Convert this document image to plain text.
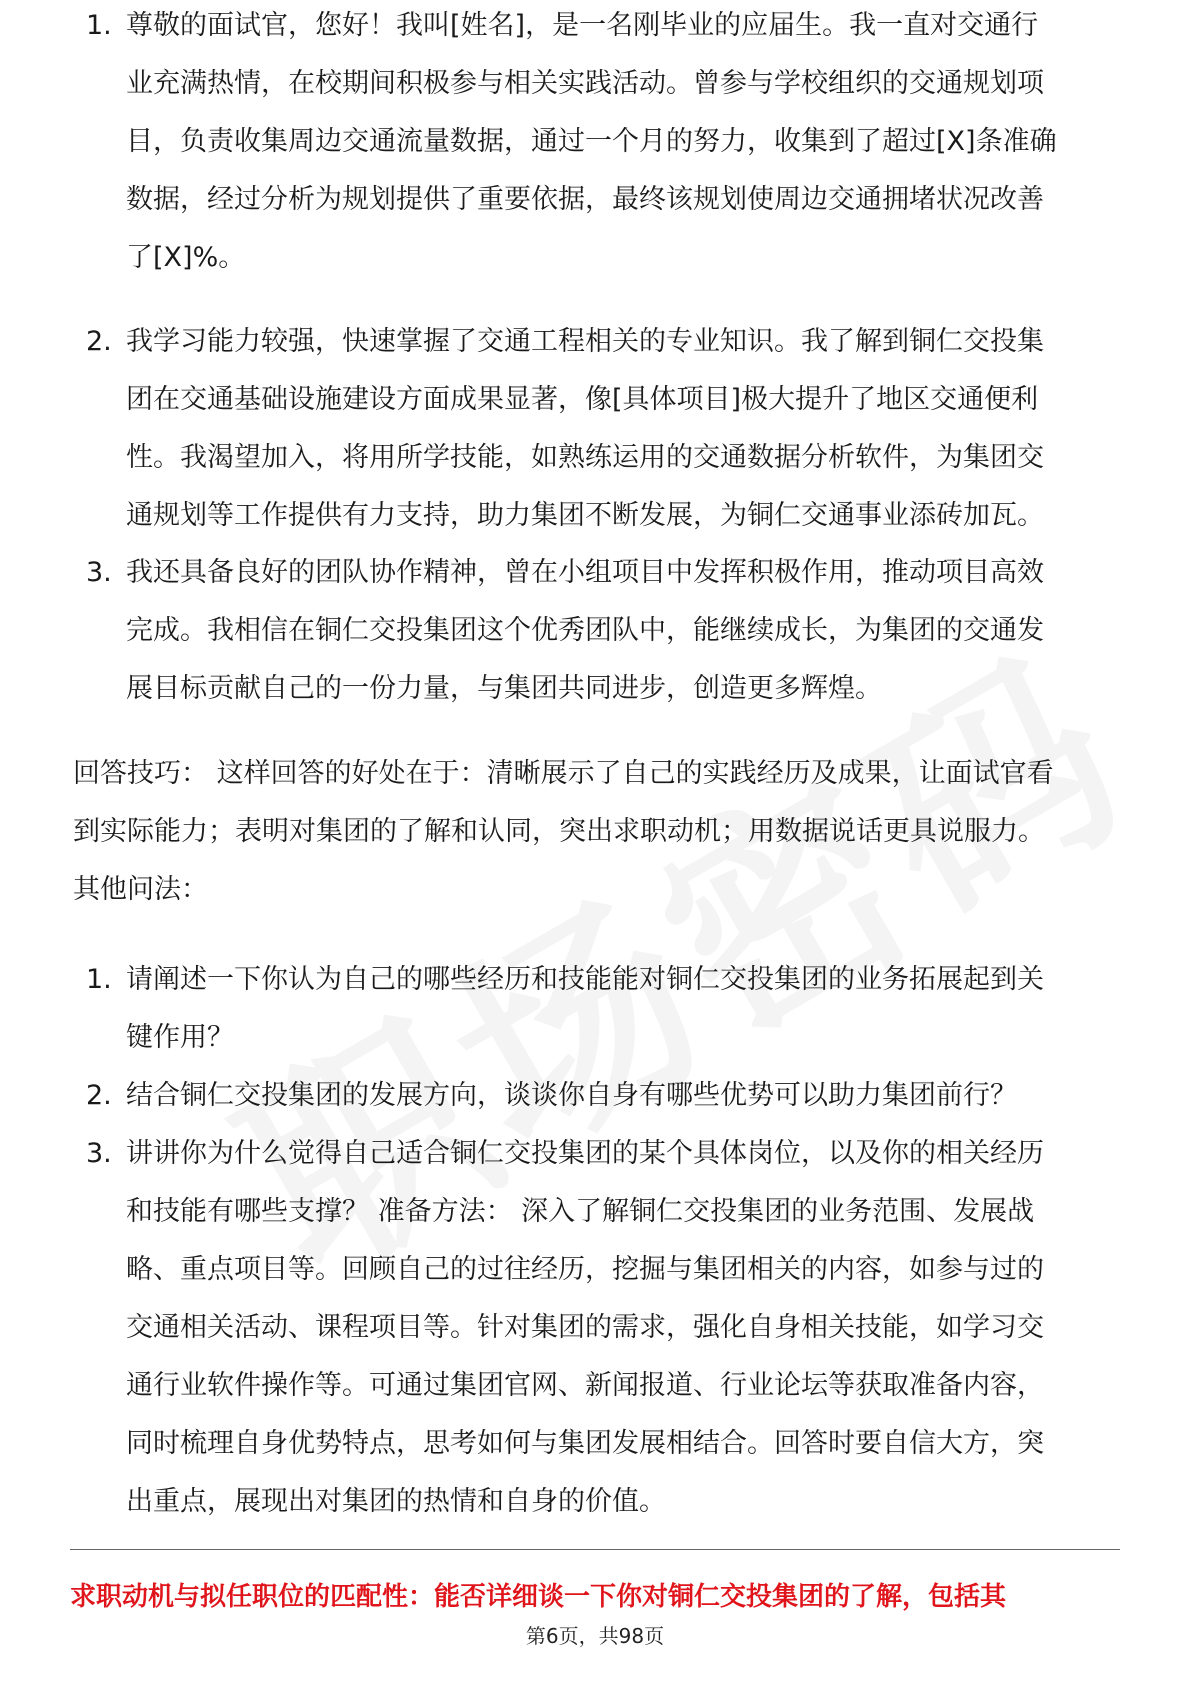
1. 尊敬的面试官，您好！我叫[姓名]，是一名刚毕业的应届生。我一直对交通行
业充满热情，在校期间积极参与相关实践活动。曾参与学校组织的交通规划项
目，负责收集周边交通流量数据，通过一个月的努力，收集到了超过[X]条准确
数据，经过分析为规划提供了重要依据，最终该规划使周边交通拥堵状况改善
了[X]%。
2. 我学习能力较强，快速掌握了交通工程相关的专业知识。我了解到铜仁交投集
团在交通基础设施建设方面成果显著，像[具体项目]极大提升了地区交通便利
性。我渴望加入，将用所学技能，如熟练运用的交通数据分析软件，为集团交
通规划等工作提供有力支持，助力集团不断发展，为铜仁交通事业添砖加瓦。
3. 我还具备良好的团队协作精神，曾在小组项目中发挥积极作用，推动项目高效
完成。我相信在铜仁交投集团这个优秀团队中，能继续成长，为集团的交通发
展目标贡献自己的一份力量，与集团共同进步，创造更多辉煌。
回答技巧： 这样回答的好处在于：清晰展示了自己的实践经历及成果，让面试官看
到实际能力；表明对集团的了解和认同，突出求职动机；用数据说话更具说服力。
其他问法：
1. 请阐述一下你认为自己的哪些经历和技能能对铜仁交投集团的业务拓展起到关
键作用？
2. 结合铜仁交投集团的发展方向，谈谈你自身有哪些优势可以助力集团前行？
3. 讲讲你为什么觉得自己适合铜仁交投集团的某个具体岗位，以及你的相关经历
和技能有哪些支撑？ 准备方法： 深入了解铜仁交投集团的业务范围、发展战
略、重点项目等。回顾自己的过往经历，挖掘与集团相关的内容，如参与过的
交通相关活动、课程项目等。针对集团的需求，强化自身相关技能，如学习交
通行业软件操作等。可通过集团官网、新闻报道、行业论坛等获取准备内容，
同时梳理自身优势特点，思考如何与集团发展相结合。回答时要自信大方，突
出重点，展现出对集团的热情和自身的价值。
求职动机与拟任职位的匹配性：能否详细谈一下你对铜仁交投集团的了解，包括其
第6页，共98页
